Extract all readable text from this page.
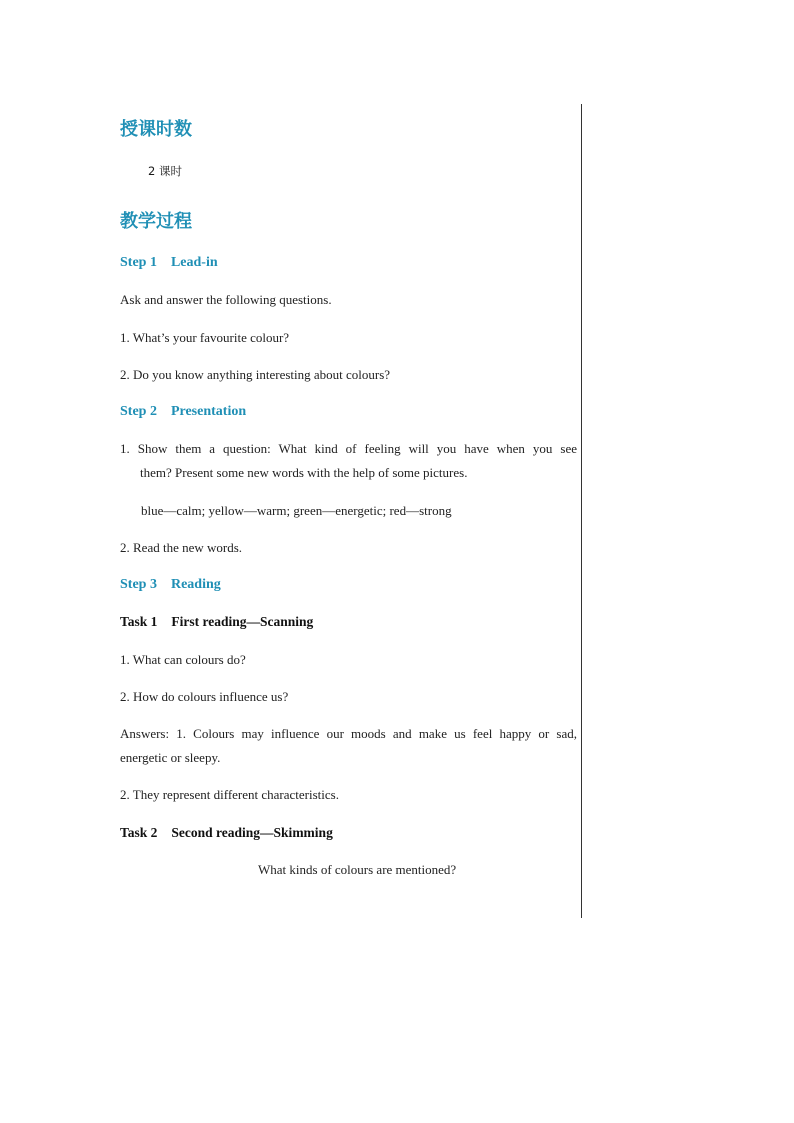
授课时数
2 课时
教学过程
Step 1 Lead-in
Ask and answer the following questions.
1. What’s your favourite colour?
2. Do you know anything interesting about colours?
Step 2 Presentation
1. Show them a question: What kind of feeling will you have when you see
them? Present some new words with the help of some pictures.
blue—calm; yellow—warm; green—energetic; red—strong
2. Read the new words.
Step 3 Reading
Task 1 First reading—Scanning
1. What can colours do?
2. How do colours influence us?
Answers: 1. Colours may influence our moods and make us feel happy or sad,
energetic or sleepy.
2. They represent different characteristics.
Task 2 Second reading—Skimming
What kinds of colours are mentioned?
